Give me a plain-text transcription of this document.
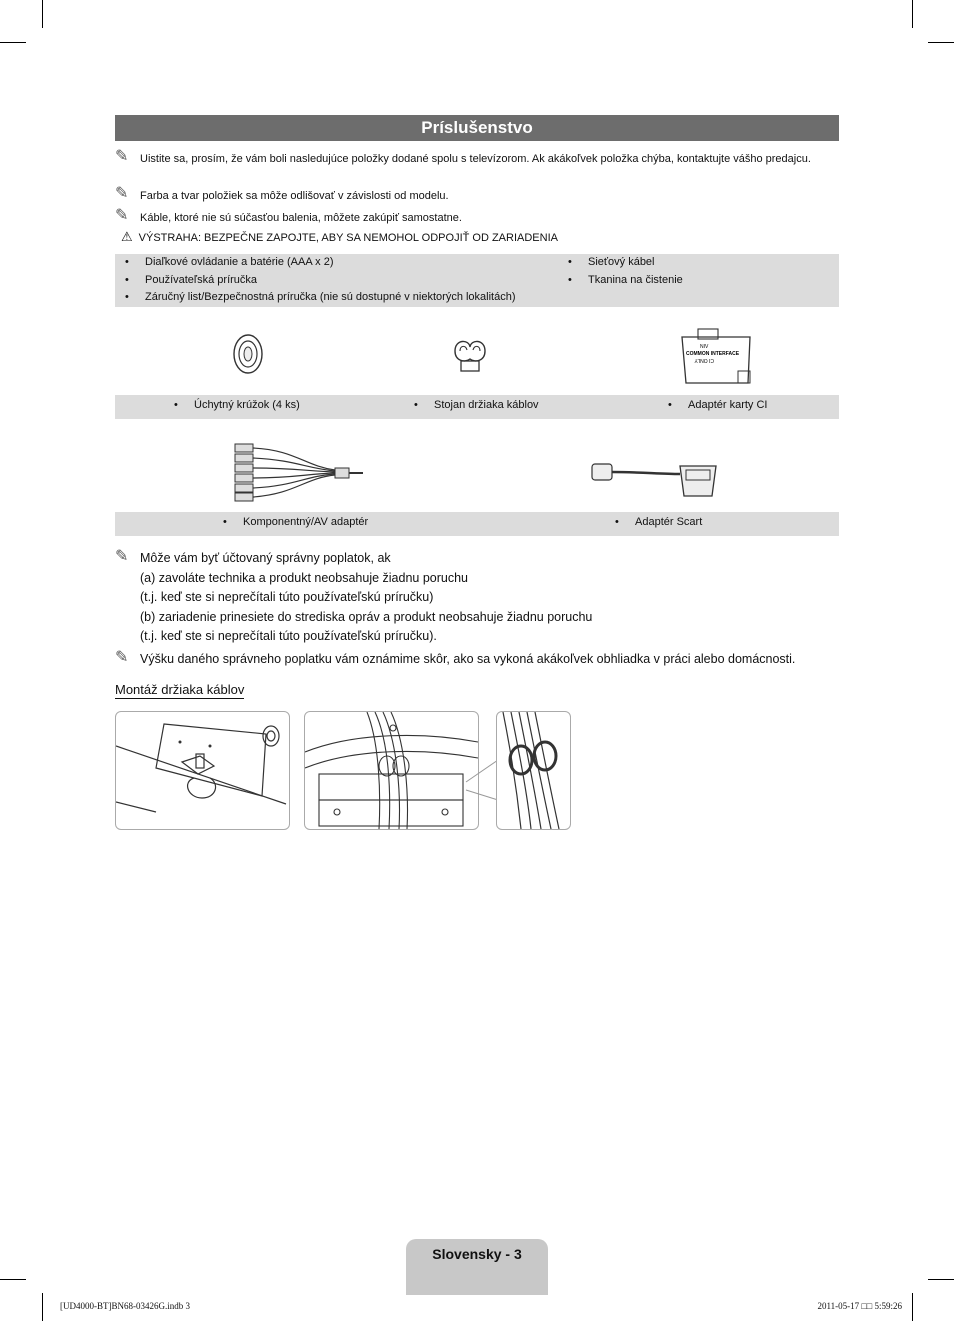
Príslušenstvo
✎ Uistite sa, prosím, že vám boli nasledujúce položky dodané spolu s televízorom. Ak akákoľvek položka chýba, kontaktujte vášho predajcu.
✎ Farba a tvar položiek sa môže odlišovať v závislosti od modelu.
✎ Káble, ktoré nie sú súčasťou balenia, môžete zakúpiť samostatne.
⚠ VÝSTRAHA: BEZPEČNE ZAPOJTE, ABY SA NEMOHOL ODPOJIŤ OD ZARIADENIA
• Diaľkové ovládanie a batérie (AAA x 2)
• Používateľská príručka
• Záručný list/Bezpečnostná príručka (nie sú dostupné v niektorých lokalitách)
• Sieťový kábel
• Tkanina na čistenie
NIV
COMMON INTERFACE
CI ONLY
• Úchytný krúžok (4 ks)	• Stojan držiaka káblov	• Adaptér karty CI
• Komponentný/AV adaptér	• Adaptér Scart
✎ Môže vám byť účtovaný správny poplatok, ak
(a) zavoláte technika a produkt neobsahuje žiadnu poruchu
(t.j. keď ste si neprečítali túto používateľskú príručku)
(b) zariadenie prinesiete do strediska opráv a produkt neobsahuje žiadnu poruchu
(t.j. keď ste si neprečítali túto používateľskú príručku).
✎ Výšku daného správneho poplatku vám oznámime skôr, ako sa vykoná akákoľvek obhliadka v práci alebo domácnosti.
Montáž držiaka káblov
Slovensky - 3
[UD4000-BT]BN68-03426G.indb 3	2011-05-17 □□ 5:59:26
